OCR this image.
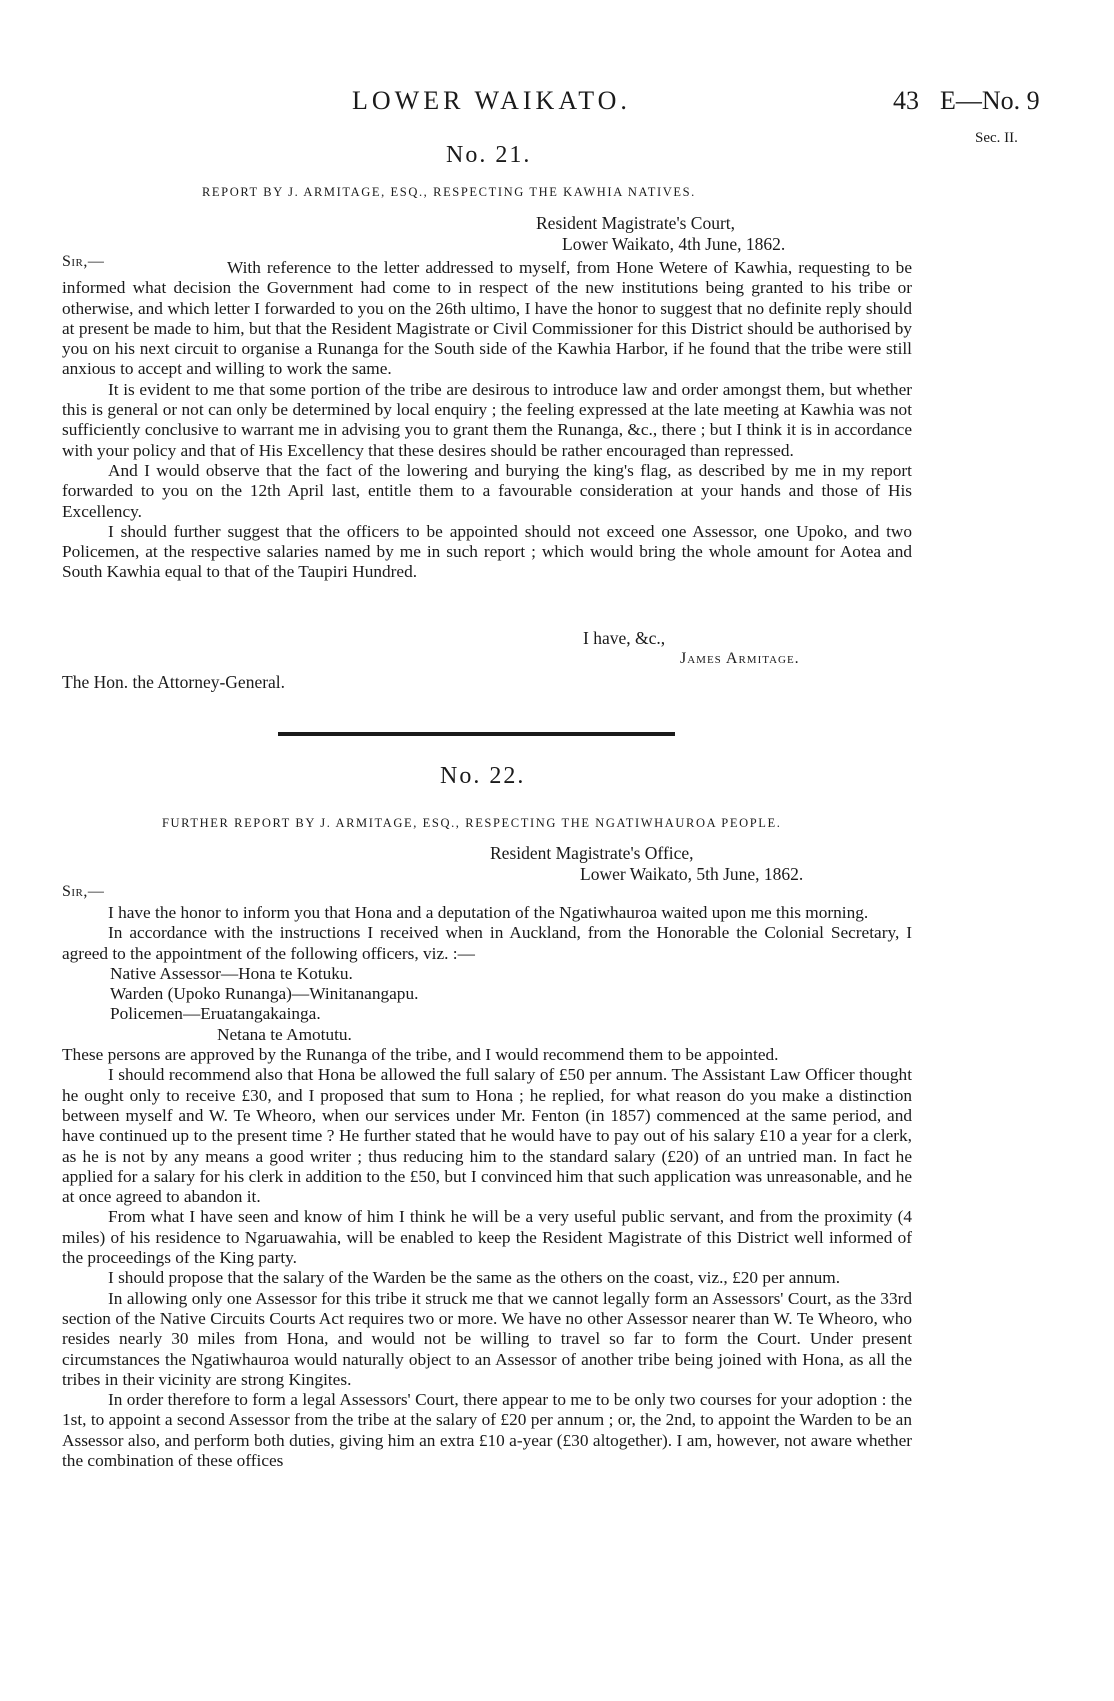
LOWER WAIKATO.	43 E—No. 9
Sec. II.
No. 21.
REPORT BY J. ARMITAGE, ESQ., RESPECTING THE KAWHIA NATIVES.
Resident Magistrate's Court,
Lower Waikato, 4th June, 1862.
Sir,—	With reference to the letter addressed to myself, from Hone Wetere of Kawhia, requesting to be informed what decision the Government had come to in respect of the new institutions being granted to his tribe or otherwise, and which letter I forwarded to you on the 26th ultimo, I have the honor to suggest that no definite reply should at present be made to him, but that the Resident Magistrate or Civil Commissioner for this District should be authorised by you on his next circuit to organise a Runanga for the South side of the Kawhia Harbor, if he found that the tribe were still anxious to accept and willing to work the same.

It is evident to me that some portion of the tribe are desirous to introduce law and order amongst them, but whether this is general or not can only be determined by local enquiry ; the feeling expressed at the late meeting at Kawhia was not sufficiently conclusive to warrant me in advising you to grant them the Runanga, &c., there ; but I think it is in accordance with your policy and that of His Excellency that these desires should be rather encouraged than repressed.

And I would observe that the fact of the lowering and burying the king's flag, as described by me in my report forwarded to you on the 12th April last, entitle them to a favourable consideration at your hands and those of His Excellency.

I should further suggest that the officers to be appointed should not exceed one Assessor, one Upoko, and two Policemen, at the respective salaries named by me in such report ; which would bring the whole amount for Aotea and South Kawhia equal to that of the Taupiri Hundred.

I have, &c.,
James Armitage.
The Hon. the Attorney-General.
No. 22.
FURTHER REPORT BY J. ARMITAGE, ESQ., RESPECTING THE NGATIWHAUROA PEOPLE.
Resident Magistrate's Office,
Lower Waikato, 5th June, 1862.
Sir,—

I have the honor to inform you that Hona and a deputation of the Ngatiwhauroa waited upon me this morning.

In accordance with the instructions I received when in Auckland, from the Honorable the Colonial Secretary, I agreed to the appointment of the following officers, viz. :—

Native Assessor—Hona te Kotuku.
Warden (Upoko Runanga)—Winitanangapu.
Policemen—Eruatangakainga.
Netana te Amotutu.

These persons are approved by the Runanga of the tribe, and I would recommend them to be appointed.

I should recommend also that Hona be allowed the full salary of £50 per annum. The Assistant Law Officer thought he ought only to receive £30, and I proposed that sum to Hona ; he replied, for what reason do you make a distinction between myself and W. Te Wheoro, when our services under Mr. Fenton (in 1857) commenced at the same period, and have continued up to the present time ? He further stated that he would have to pay out of his salary £10 a year for a clerk, as he is not by any means a good writer ; thus reducing him to the standard salary (£20) of an untried man. In fact he applied for a salary for his clerk in addition to the £50, but I convinced him that such application was unreasonable, and he at once agreed to abandon it.

From what I have seen and know of him I think he will be a very useful public servant, and from the proximity (4 miles) of his residence to Ngaruawahia, will be enabled to keep the Resident Magistrate of this District well informed of the proceedings of the King party.

I should propose that the salary of the Warden be the same as the others on the coast, viz., £20 per annum.

In allowing only one Assessor for this tribe it struck me that we cannot legally form an Assessors' Court, as the 33rd section of the Native Circuits Courts Act requires two or more. We have no other Assessor nearer than W. Te Wheoro, who resides nearly 30 miles from Hona, and would not be willing to travel so far to form the Court. Under present circumstances the Ngatiwhauroa would naturally object to an Assessor of another tribe being joined with Hona, as all the tribes in their vicinity are strong Kingites.

In order therefore to form a legal Assessors' Court, there appear to me to be only two courses for your adoption : the 1st, to appoint a second Assessor from the tribe at the salary of £20 per annum ; or, the 2nd, to appoint the Warden to be an Assessor also, and perform both duties, giving him an extra £10 a-year (£30 altogether). I am, however, not aware whether the combination of these offices
